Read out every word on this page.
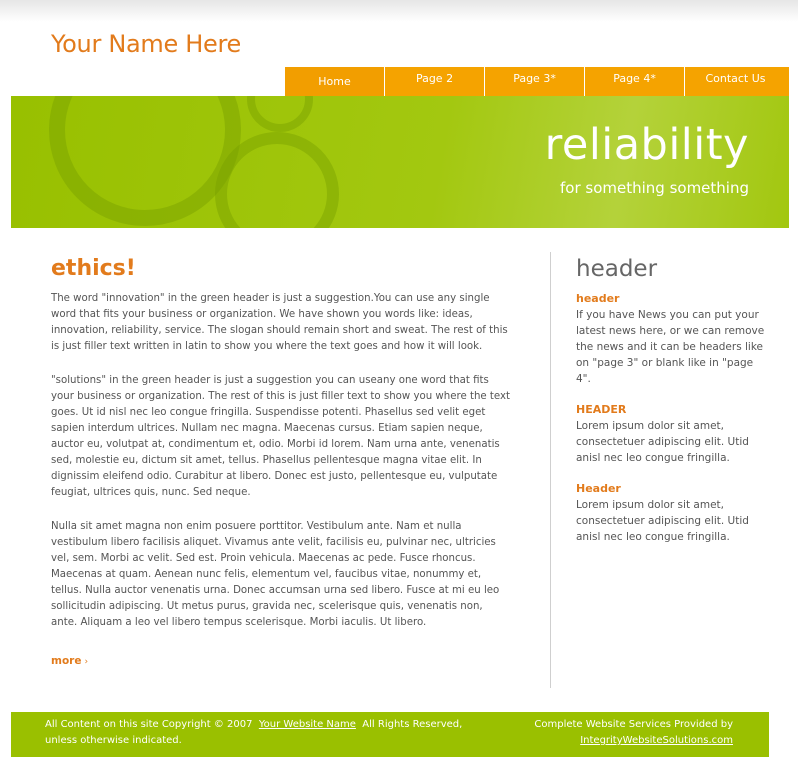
Your Name Here
Home	Page 2	Page 3*	Page 4*	Contact Us
reliability

for something something

ethics!

The word "innovation" in the green header is just a suggestion.You can use any single word that fits your business or organization. We have shown you words like: ideas, innovation, reliability, service. The slogan should remain short and sweat. The rest of this is just filler text written in latin to show you where the text goes and how it will look.

"solutions" in the green header is just a suggestion you can useany one word that fits your business or organization. The rest of this is just filler text to show you where the text goes. Ut id nisl nec leo congue fringilla. Suspendisse potenti. Phasellus sed velit eget sapien interdum ultrices. Nullam nec magna. Maecenas cursus. Etiam sapien neque, auctor eu, volutpat at, condimentum et, odio. Morbi id lorem. Nam urna ante, venenatis sed, molestie eu, dictum sit amet, tellus. Phasellus pellentesque magna vitae elit. In dignissim eleifend odio. Curabitur at libero. Donec est justo, pellentesque eu, vulputate feugiat, ultrices quis, nunc. Sed neque.

Nulla sit amet magna non enim posuere porttitor. Vestibulum ante. Nam et nulla vestibulum libero facilisis aliquet. Vivamus ante velit, facilisis eu, pulvinar nec, ultricies vel, sem. Morbi ac velit. Sed est. Proin vehicula. Maecenas ac pede. Fusce rhoncus. Maecenas at quam. Aenean nunc felis, elementum vel, faucibus vitae, nonummy et, tellus. Nulla auctor venenatis urna. Donec accumsan urna sed libero. Fusce at mi eu leo sollicitudin adipiscing. Ut metus purus, gravida nec, scelerisque quis, venenatis non, ante. Aliquam a leo vel libero tempus scelerisque. Morbi iaculis. Ut libero.

more ›
header
header

If you have News you can put your latest news here, or we can remove the news and it can be headers like on "page 3" or blank like in "page 4".

HEADER

Lorem ipsum dolor sit amet, consectetuer adipiscing elit. Utid anisl nec leo congue fringilla.

Header

Lorem ipsum dolor sit amet, consectetuer adipiscing elit. Utid anisl nec leo congue fringilla.

All Content on this site Copyright © 2007 Your Website Name All Rights Reserved, unless otherwise indicated.
Complete Website Services Provided by
IntegrityWebsiteSolutions.com
